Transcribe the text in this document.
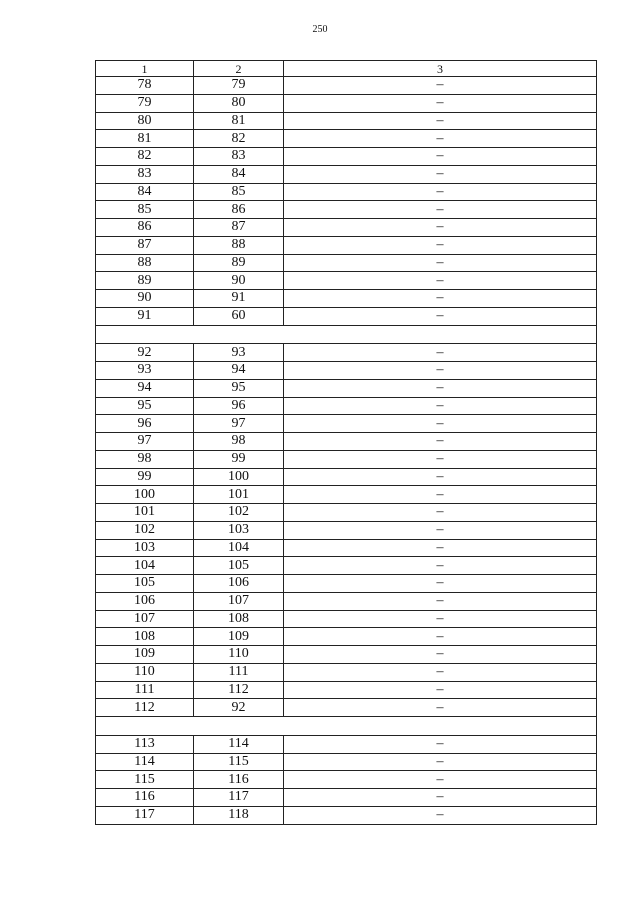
250
1	2	3
78	79	–
79	80	–
80	81	–
81	82	–
82	83	–
83	84	–
84	85	–
85	86	–
86	87	–
87	88	–
88	89	–
89	90	–
90	91	–
91	60	–

92	93	–
93	94	–
94	95	–
95	96	–
96	97	–
97	98	–
98	99	–
99	100	–
100	101	–
101	102	–
102	103	–
103	104	–
104	105	–
105	106	–
106	107	–
107	108	–
108	109	–
109	110	–
110	111	–
111	112	–
112	92	–

113	114	–
114	115	–
115	116	–
116	117	–
117	118	–
